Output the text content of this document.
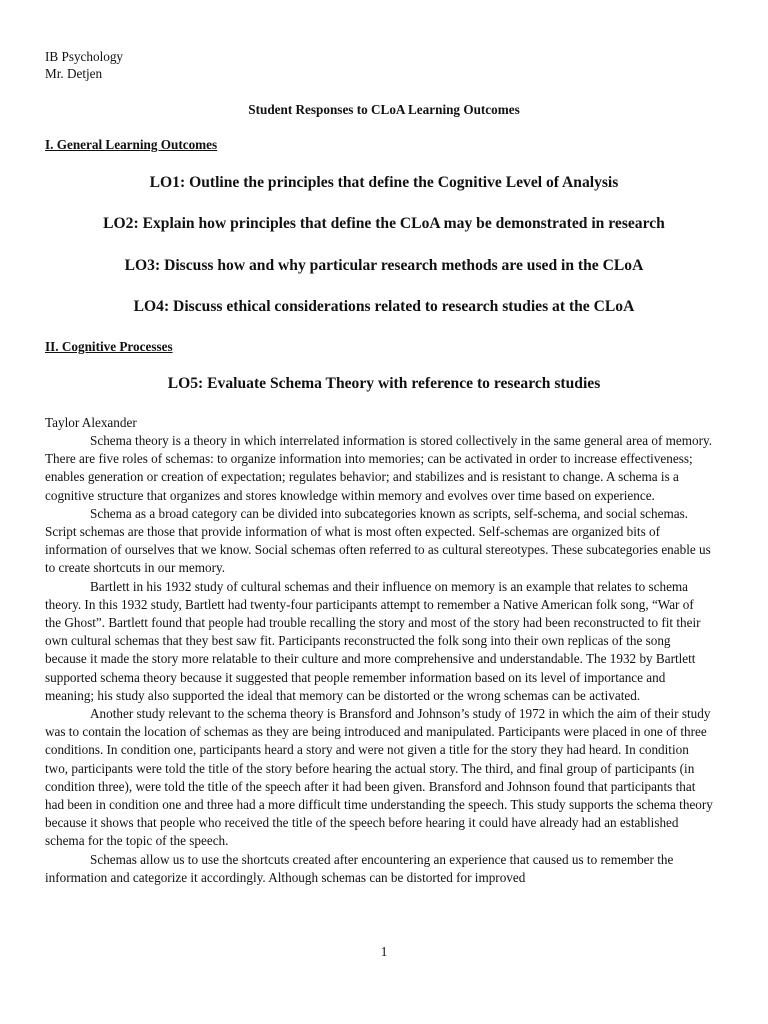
IB Psychology
Mr. Detjen
Student Responses to CLoA Learning Outcomes
I. General Learning Outcomes
LO1: Outline the principles that define the Cognitive Level of Analysis
LO2: Explain how principles that define the CLoA may be demonstrated in research
LO3: Discuss how and why particular research methods are used in the CLoA
LO4: Discuss ethical considerations related to research studies at the CLoA
II. Cognitive Processes
LO5: Evaluate Schema Theory with reference to research studies
Taylor Alexander

Schema theory is a theory in which interrelated information is stored collectively in the same general area of memory. There are five roles of schemas: to organize information into memories; can be activated in order to increase effectiveness; enables generation or creation of expectation; regulates behavior; and stabilizes and is resistant to change. A schema is a cognitive structure that organizes and stores knowledge within memory and evolves over time based on experience.

Schema as a broad category can be divided into subcategories known as scripts, self-schema, and social schemas. Script schemas are those that provide information of what is most often expected. Self-schemas are organized bits of information of ourselves that we know. Social schemas often referred to as cultural stereotypes. These subcategories enable us to create shortcuts in our memory.

Bartlett in his 1932 study of cultural schemas and their influence on memory is an example that relates to schema theory. In this 1932 study, Bartlett had twenty-four participants attempt to remember a Native American folk song, “War of the Ghost”. Bartlett found that people had trouble recalling the story and most of the story had been reconstructed to fit their own cultural schemas that they best saw fit. Participants reconstructed the folk song into their own replicas of the song because it made the story more relatable to their culture and more comprehensive and understandable. The 1932 by Bartlett supported schema theory because it suggested that people remember information based on its level of importance and meaning; his study also supported the ideal that memory can be distorted or the wrong schemas can be activated.

Another study relevant to the schema theory is Bransford and Johnson’s study of 1972 in which the aim of their study was to contain the location of schemas as they are being introduced and manipulated. Participants were placed in one of three conditions. In condition one, participants heard a story and were not given a title for the story they had heard. In condition two, participants were told the title of the story before hearing the actual story. The third, and final group of participants (in condition three), were told the title of the speech after it had been given. Bransford and Johnson found that participants that had been in condition one and three had a more difficult time understanding the speech. This study supports the schema theory because it shows that people who received the title of the speech before hearing it could have already had an established schema for the topic of the speech.

Schemas allow us to use the shortcuts created after encountering an experience that caused us to remember the information and categorize it accordingly. Although schemas can be distorted for improved

1
